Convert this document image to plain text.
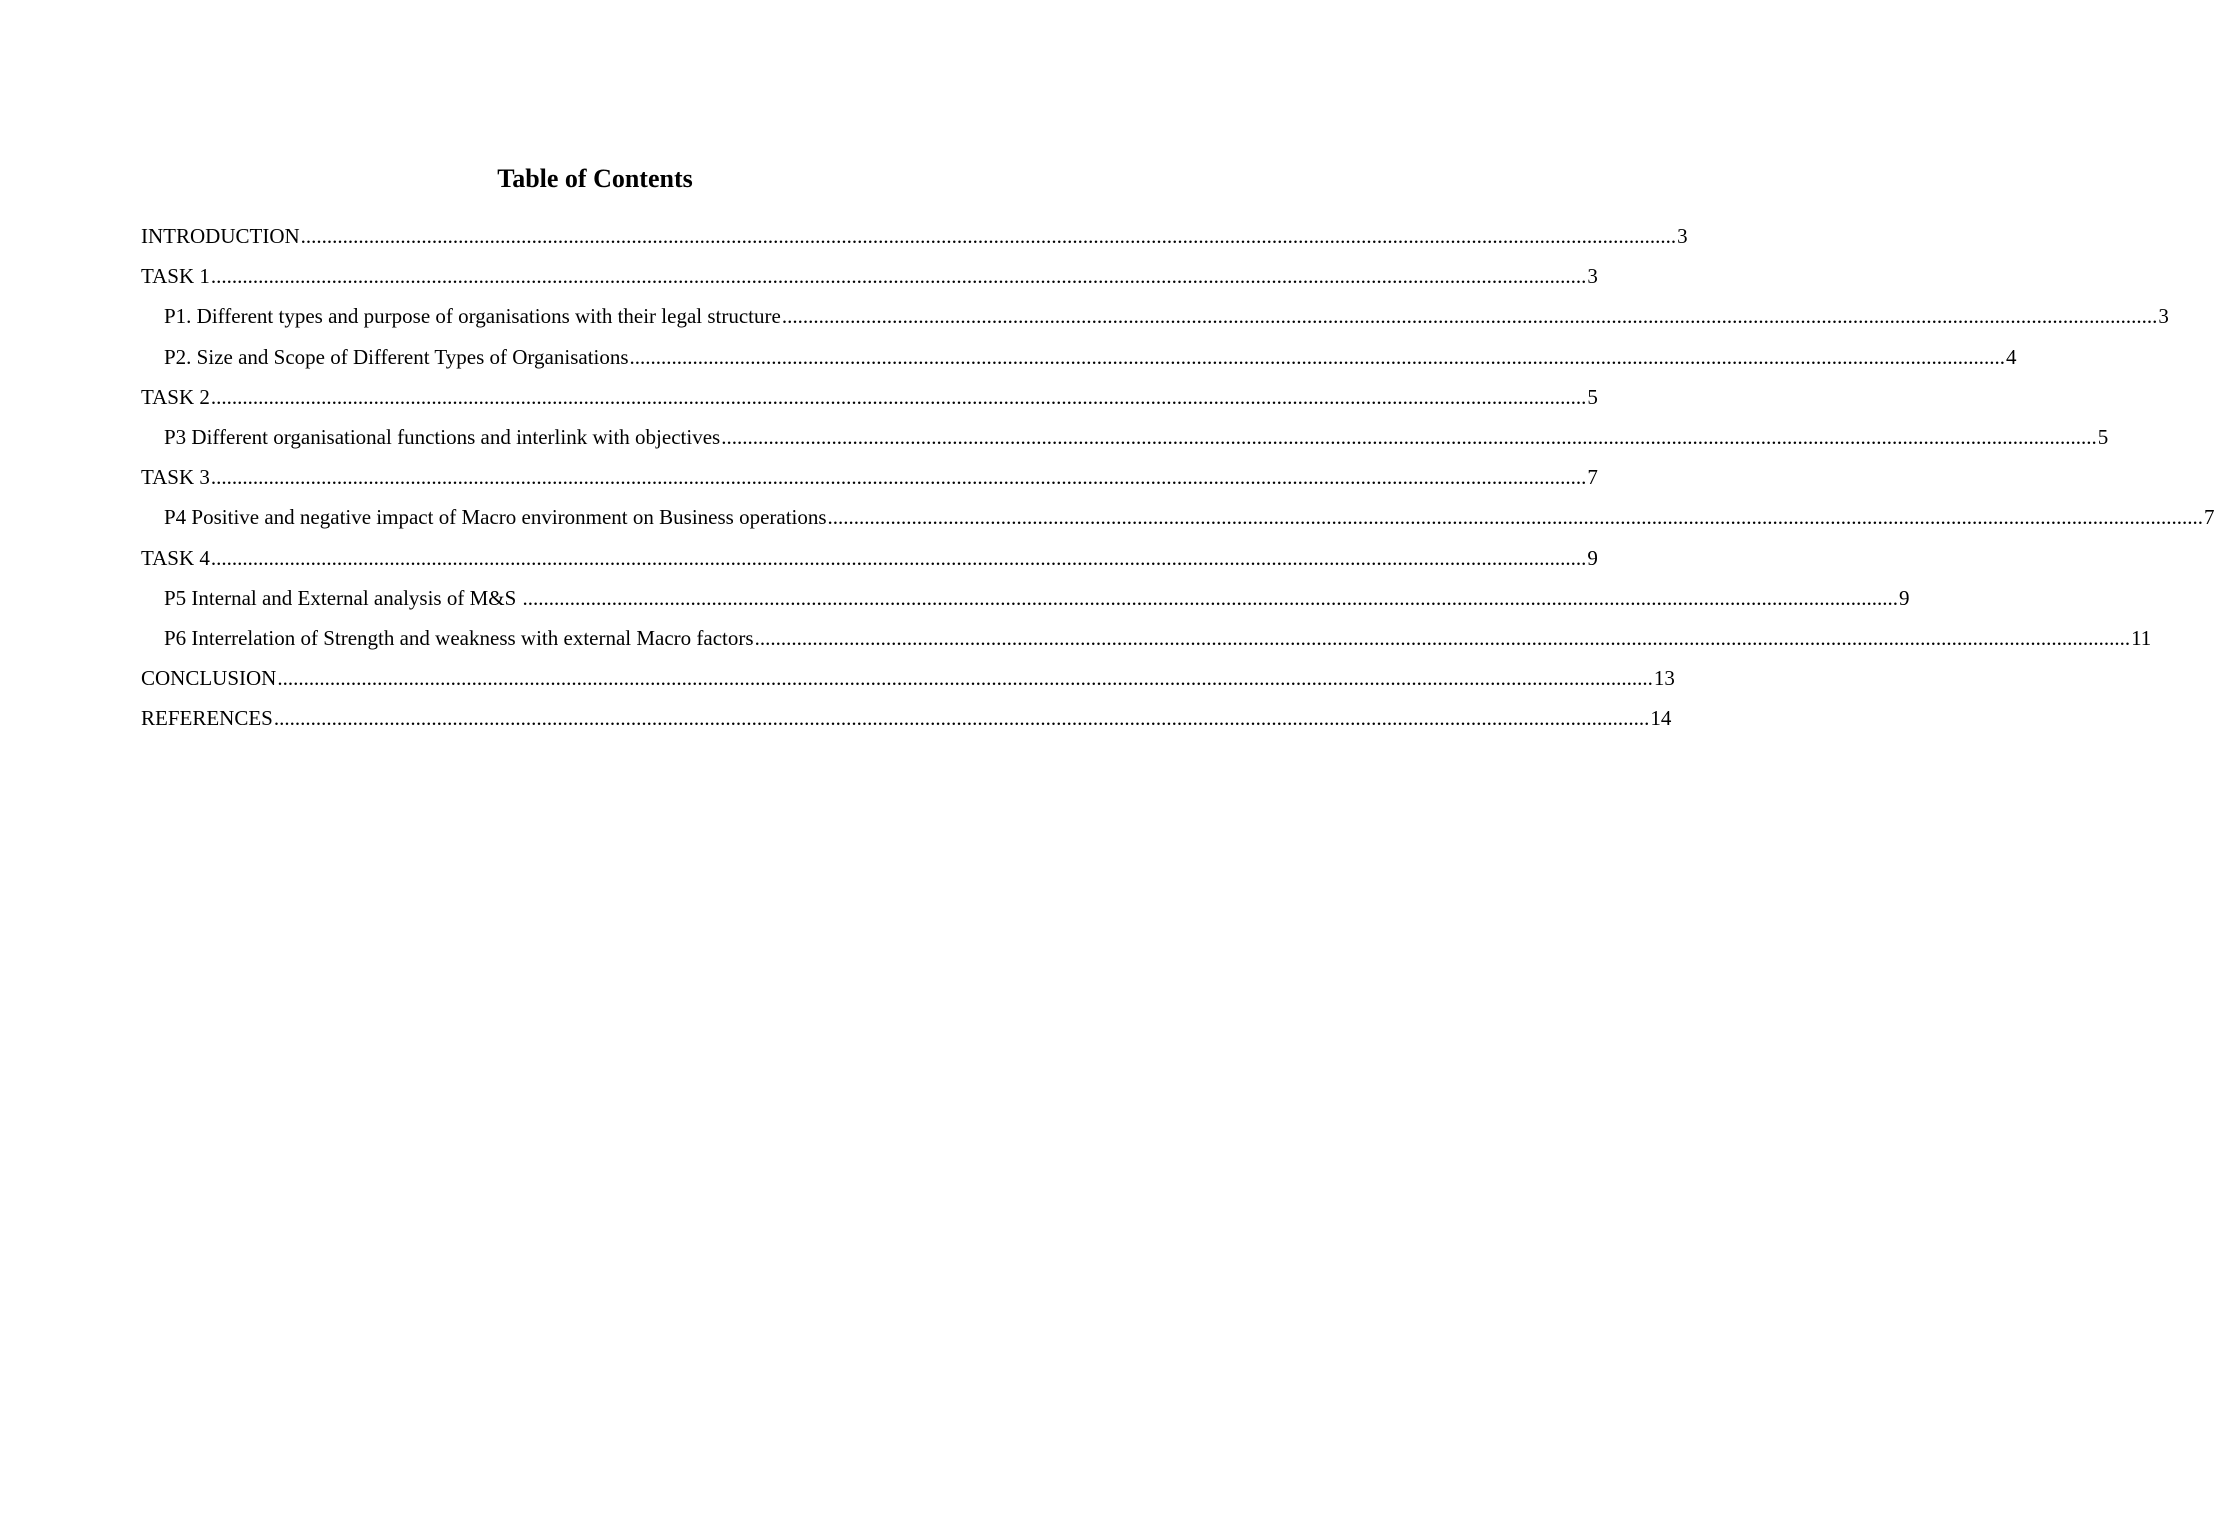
Table of Contents
INTRODUCTION ...................................................................................................................................................................................................................................................................... 3
TASK 1 ...................................................................................................................................................................................................................................................................... 3
P1. Different types and purpose of organisations with their legal structure ...................................................................................................................................................................................................................................................................... 3
P2. Size and Scope of Different Types of Organisations ...................................................................................................................................................................................................................................................................... 4
TASK 2 ...................................................................................................................................................................................................................................................................... 5
P3 Different organisational functions and interlink with objectives ...................................................................................................................................................................................................................................................................... 5
TASK 3 ...................................................................................................................................................................................................................................................................... 7
P4 Positive and negative impact of Macro environment on Business operations ...................................................................................................................................................................................................................................................................... 7
TASK 4 ...................................................................................................................................................................................................................................................................... 9
P5 Internal and External analysis of M&S ...................................................................................................................................................................................................................................................................... 9
P6 Interrelation of Strength and weakness with external Macro factors ...................................................................................................................................................................................................................................................................... 11
CONCLUSION ...................................................................................................................................................................................................................................................................... 13
REFERENCES ...................................................................................................................................................................................................................................................................... 14
